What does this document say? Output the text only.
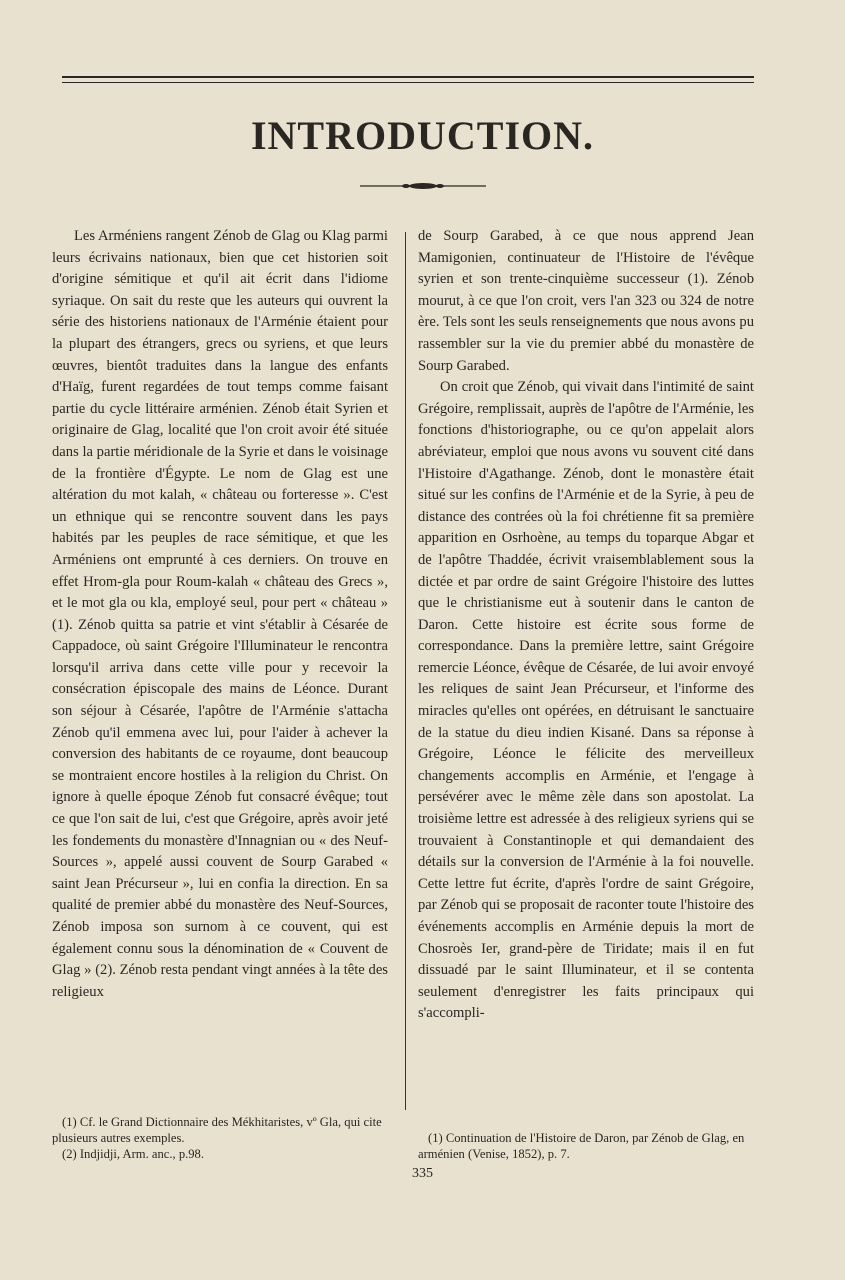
INTRODUCTION.

Les Arméniens rangent Zénob de Glag ou Klag parmi leurs écrivains nationaux, bien que cet historien soit d'origine sémitique et qu'il ait écrit dans l'idiome syriaque. On sait du reste que les auteurs qui ouvrent la série des historiens nationaux de l'Arménie étaient pour la plupart des étrangers, grecs ou syriens, et que leurs œuvres, bientôt traduites dans la langue des enfants d'Haïg, furent regardées de tout temps comme faisant partie du cycle littéraire arménien. Zénob était Syrien et originaire de Glag, localité que l'on croit avoir été située dans la partie méridionale de la Syrie et dans le voisinage de la frontière d'Égypte. Le nom de Glag est une altération du mot kalah, « château ou forteresse ». C'est un ethnique qui se rencontre souvent dans les pays habités par les peuples de race sémitique, et que les Arméniens ont emprunté à ces derniers. On trouve en effet Hrom-gla pour Roum-kalah « château des Grecs », et le mot gla ou kla, employé seul, pour pert « château » (1). Zénob quitta sa patrie et vint s'établir à Césarée de Cappadoce, où saint Grégoire l'Illuminateur le rencontra lorsqu'il arriva dans cette ville pour y recevoir la consécration épiscopale des mains de Léonce. Durant son séjour à Césarée, l'apôtre de l'Arménie s'attacha Zénob qu'il emmena avec lui, pour l'aider à achever la conversion des habitants de ce royaume, dont beaucoup se montraient encore hostiles à la religion du Christ. On ignore à quelle époque Zénob fut consacré évêque; tout ce que l'on sait de lui, c'est que Grégoire, après avoir jeté les fondements du monastère d'Innagnian ou « des Neuf-Sources », appelé aussi couvent de Sourp Garabed « saint Jean Précurseur », lui en confia la direction. En sa qualité de premier abbé du monastère des Neuf-Sources, Zénob imposa son surnom à ce couvent, qui est également connu sous la dénomination de « Couvent de Glag » (2). Zénob resta pendant vingt années à la tête des religieux

de Sourp Garabed, à ce que nous apprend Jean Mamigonien, continuateur de l'Histoire de l'évêque syrien et son trente-cinquième successeur (1). Zénob mourut, à ce que l'on croit, vers l'an 323 ou 324 de notre ère. Tels sont les seuls renseignements que nous avons pu rassembler sur la vie du premier abbé du monastère de Sourp Garabed.

On croit que Zénob, qui vivait dans l'intimité de saint Grégoire, remplissait, auprès de l'apôtre de l'Arménie, les fonctions d'historiographe, ou ce qu'on appelait alors abréviateur, emploi que nous avons vu souvent cité dans l'Histoire d'Agathange. Zénob, dont le monastère était situé sur les confins de l'Arménie et de la Syrie, à peu de distance des contrées où la foi chrétienne fit sa première apparition en Osrhoène, au temps du toparque Abgar et de l'apôtre Thaddée, écrivit vraisemblablement sous la dictée et par ordre de saint Grégoire l'histoire des luttes que le christianisme eut à soutenir dans le canton de Daron. Cette histoire est écrite sous forme de correspondance. Dans la première lettre, saint Grégoire remercie Léonce, évêque de Césarée, de lui avoir envoyé les reliques de saint Jean Précurseur, et l'informe des miracles qu'elles ont opérées, en détruisant le sanctuaire de la statue du dieu indien Kisané. Dans sa réponse à Grégoire, Léonce le félicite des merveilleux changements accomplis en Arménie, et l'engage à persévérer avec le même zèle dans son apostolat. La troisième lettre est adressée à des religieux syriens qui se trouvaient à Constantinople et qui demandaient des détails sur la conversion de l'Arménie à la foi nouvelle. Cette lettre fut écrite, d'après l'ordre de saint Grégoire, par Zénob qui se proposait de raconter toute l'histoire des événements accomplis en Arménie depuis la mort de Chosroès Ier, grand-père de Tiridate; mais il en fut dissuadé par le saint Illuminateur, et il se contenta seulement d'enregistrer les faits principaux qui s'accompli-

(1) Cf. le Grand Dictionnaire des Mékhitaristes, vº Gla, qui cite plusieurs autres exemples.

(2) Indjidji, Arm. anc., p.98.

(1) Continuation de l'Histoire de Daron, par Zénob de Glag, en arménien (Venise, 1852), p. 7.

335
